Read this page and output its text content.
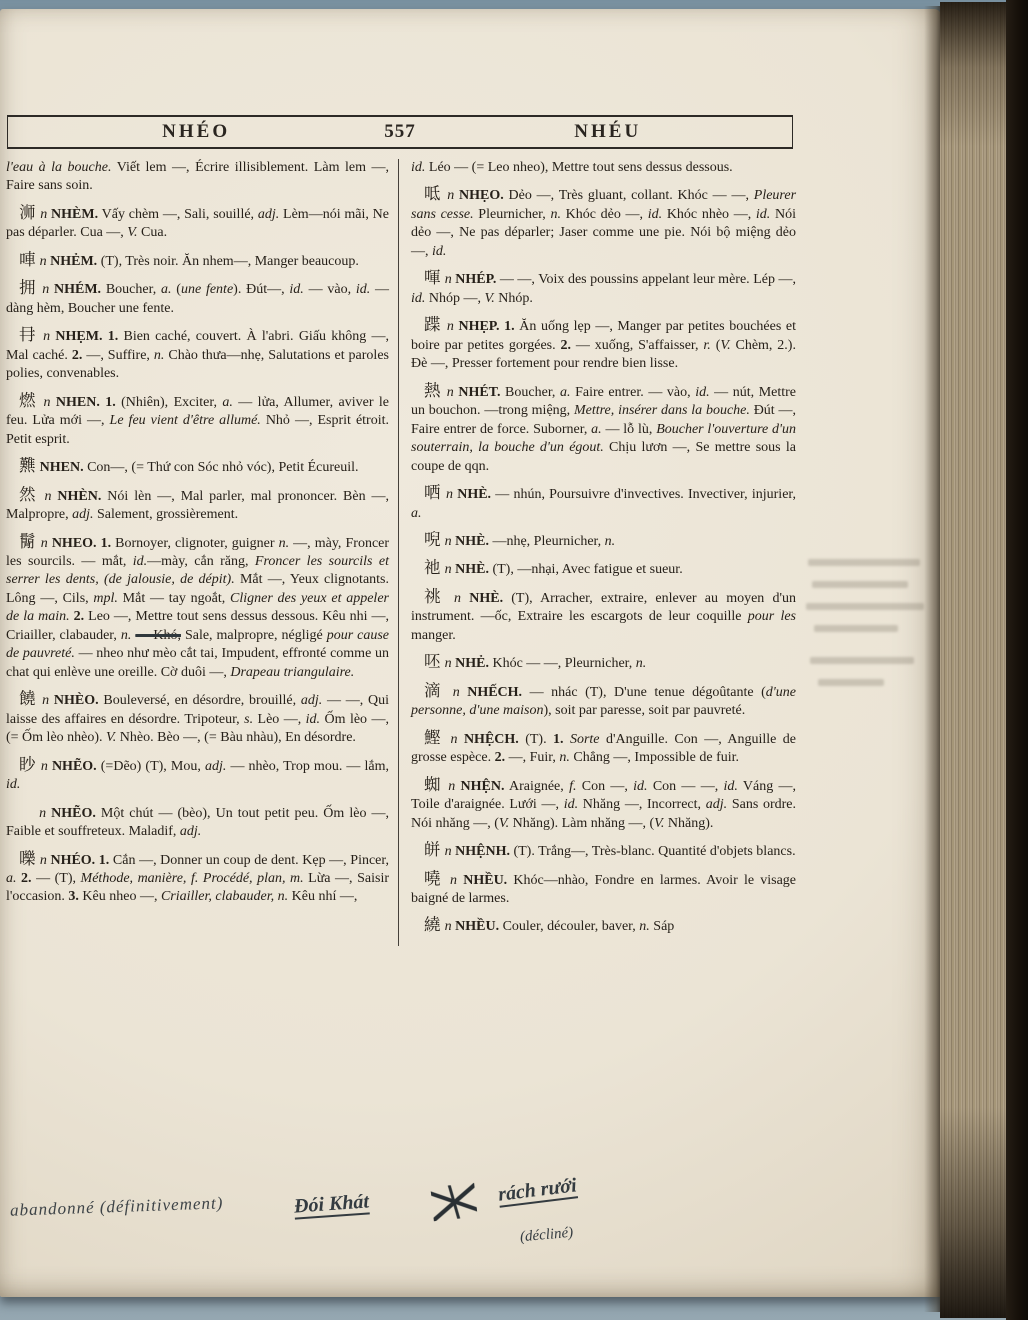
NHÉO	557	NHÉU

l'eau à la bouche. Viết lem —, Écrire illisiblement. Làm lem —, Faire sans soin.

浉 n NHÈM. Vấy chèm —, Sali, souillé, adj. Lèm—nói mãi, Ne pas déparler. Cua —, V. Cua.

唓 n NHẺM. (T), Très noir. Ăn nhem—, Manger beaucoup.

拥 n NHÉM. Boucher, a. (une fente). Đút—, id. — vào, id. — dàng hèm, Boucher une fente.

冄 n NHẸM. 1. Bien caché, couvert. À l'abri. Giấu không —, Mal caché. 2. —, Suffire, n. Chào thưa—nhẹ, Salutations et paroles polies, convenables.

燃 n NHEN. 1. (Nhiên), Exciter, a. — lửa, Allumer, aviver le feu. Lửa mới —, Le feu vient d'être allumé. Nhỏ —, Esprit étroit. Petit esprit.

㸐 NHEN. Con—, (= Thứ con Sóc nhỏ vóc), Petit Écureuil.

然 n NHÈN. Nói lèn —, Mal parler, mal prononcer. Bèn —, Malpropre, adj. Salement, grossièrement.

鬜 n NHEO. 1. Bornoyer, clignoter, guigner n. —, mày, Froncer les sourcils. — mắt, id.—mày, cắn răng, Froncer les sourcils et serrer les dents, (de jalousie, de dépit). Mắt —, Yeux clignotants. Lông —, Cils, mpl. Mắt — tay ngoắt, Cligner des yeux et appeler de la main. 2. Leo —, Mettre tout sens dessus dessous. Kêu nhi —, Criailler, clabauder, n. — Khó, Sale, malpropre, négligé pour cause de pauvreté. — nheo như mèo cắt tai, Impudent, effronté comme un chat qui enlève une oreille. Cờ duôi —, Drapeau triangulaire.

饒 n NHÈO. Bouleversé, en désordre, brouillé, adj. — —, Qui laisse des affaires en désordre. Tripoteur, s. Lèo —, id. Ốm lèo —, (= Ốm lèo nhèo). V. Nhèo. Bèo —, (= Bàu nhàu), En désordre.

眇 n NHẼO. (=Dẽo) (T), Mou, adj. — nhèo, Trop mou. — lắm, id.

𨅸 n NHẼO. Một chút — (bèo), Un tout petit peu. Ốm lèo —, Faible et souffreteux. Maladif, adj.

嚛 n NHÉO. 1. Cắn —, Donner un coup de dent. Kẹp —, Pincer, a. 2. — (T), Méthode, manière, f. Procédé, plan, m. Lừa —, Saisir l'occasion. 3. Kêu nheo —, Criailler, clabauder, n. Kêu nhí —,

id. Léo — (= Leo nheo), Mettre tout sens dessus dessous.

呧 n NHẸO. Dẻo —, Très gluant, collant. Khóc — —, Pleurer sans cesse. Pleurnicher, n. Khóc dẻo —, id. Khóc nhèo —, id. Nói dẻo —, Ne pas déparler; Jaser comme une pie. Nói bộ miệng dẻo —, id.

喗 n NHÉP. — —, Voix des poussins appelant leur mère. Lép —, id. Nhóp —, V. Nhóp.

蹀 n NHẸP. 1. Ăn uống lẹp —, Manger par petites bouchées et boire par petites gorgées. 2. — xuống, S'affaisser, r. (V. Chèm, 2.). Đè —, Presser fortement pour rendre bien lisse.

熱 n NHÉT. Boucher, a. Faire entrer. — vào, id. — nút, Mettre un bouchon. —trong miệng, Mettre, insérer dans la bouche. Đút —, Faire entrer de force. Suborner, a. — lỗ lù, Boucher l'ouverture d'un souterrain, la bouche d'un égout. Chịu lươn —, Se mettre sous la coupe de qqn.

哂 n NHÈ. — nhún, Poursuivre d'invectives. Invectiver, injurier, a.

唲 n NHÈ. —nhẹ, Pleurnicher, n.

祂 n NHÈ. (T), —nhại, Avec fatigue et sueur.

祧 n NHÈ. (T), Arracher, extraire, enlever au moyen d'un instrument. —ốc, Extraire les escargots de leur coquille pour les manger.

呸 n NHẺ. Khóc — —, Pleurnicher, n.

滴 n NHẾCH. — nhác (T), D'une tenue dégoûtante (d'une personne, d'une maison), soit par paresse, soit par pauvreté.

鰹 n NHỆCH. (T). 1. Sorte d'Anguille. Con —, Anguille de grosse espèce. 2. —, Fuir, n. Chẳng —, Impossible de fuir.

蜘 n NHỆN. Araignée, f. Con —, id. Con — —, id. Váng —, Toile d'araignée. Lưới —, id. Nhăng —, Incorrect, adj. Sans ordre. Nói nhăng —, (V. Nhăng). Làm nhăng —, (V. Nhăng).

皏 n NHỆNH. (T). Trắng—, Très-blanc. Quantité d'objets blancs.

嘵 n NHỀU. Khóc—nhào, Fondre en larmes. Avoir le visage baigné de larmes.

繞 n NHỀU. Couler, découler, baver, n. Sáp

abandonné (définitivement)	Đói Khát	rách rưới
(décliné)
